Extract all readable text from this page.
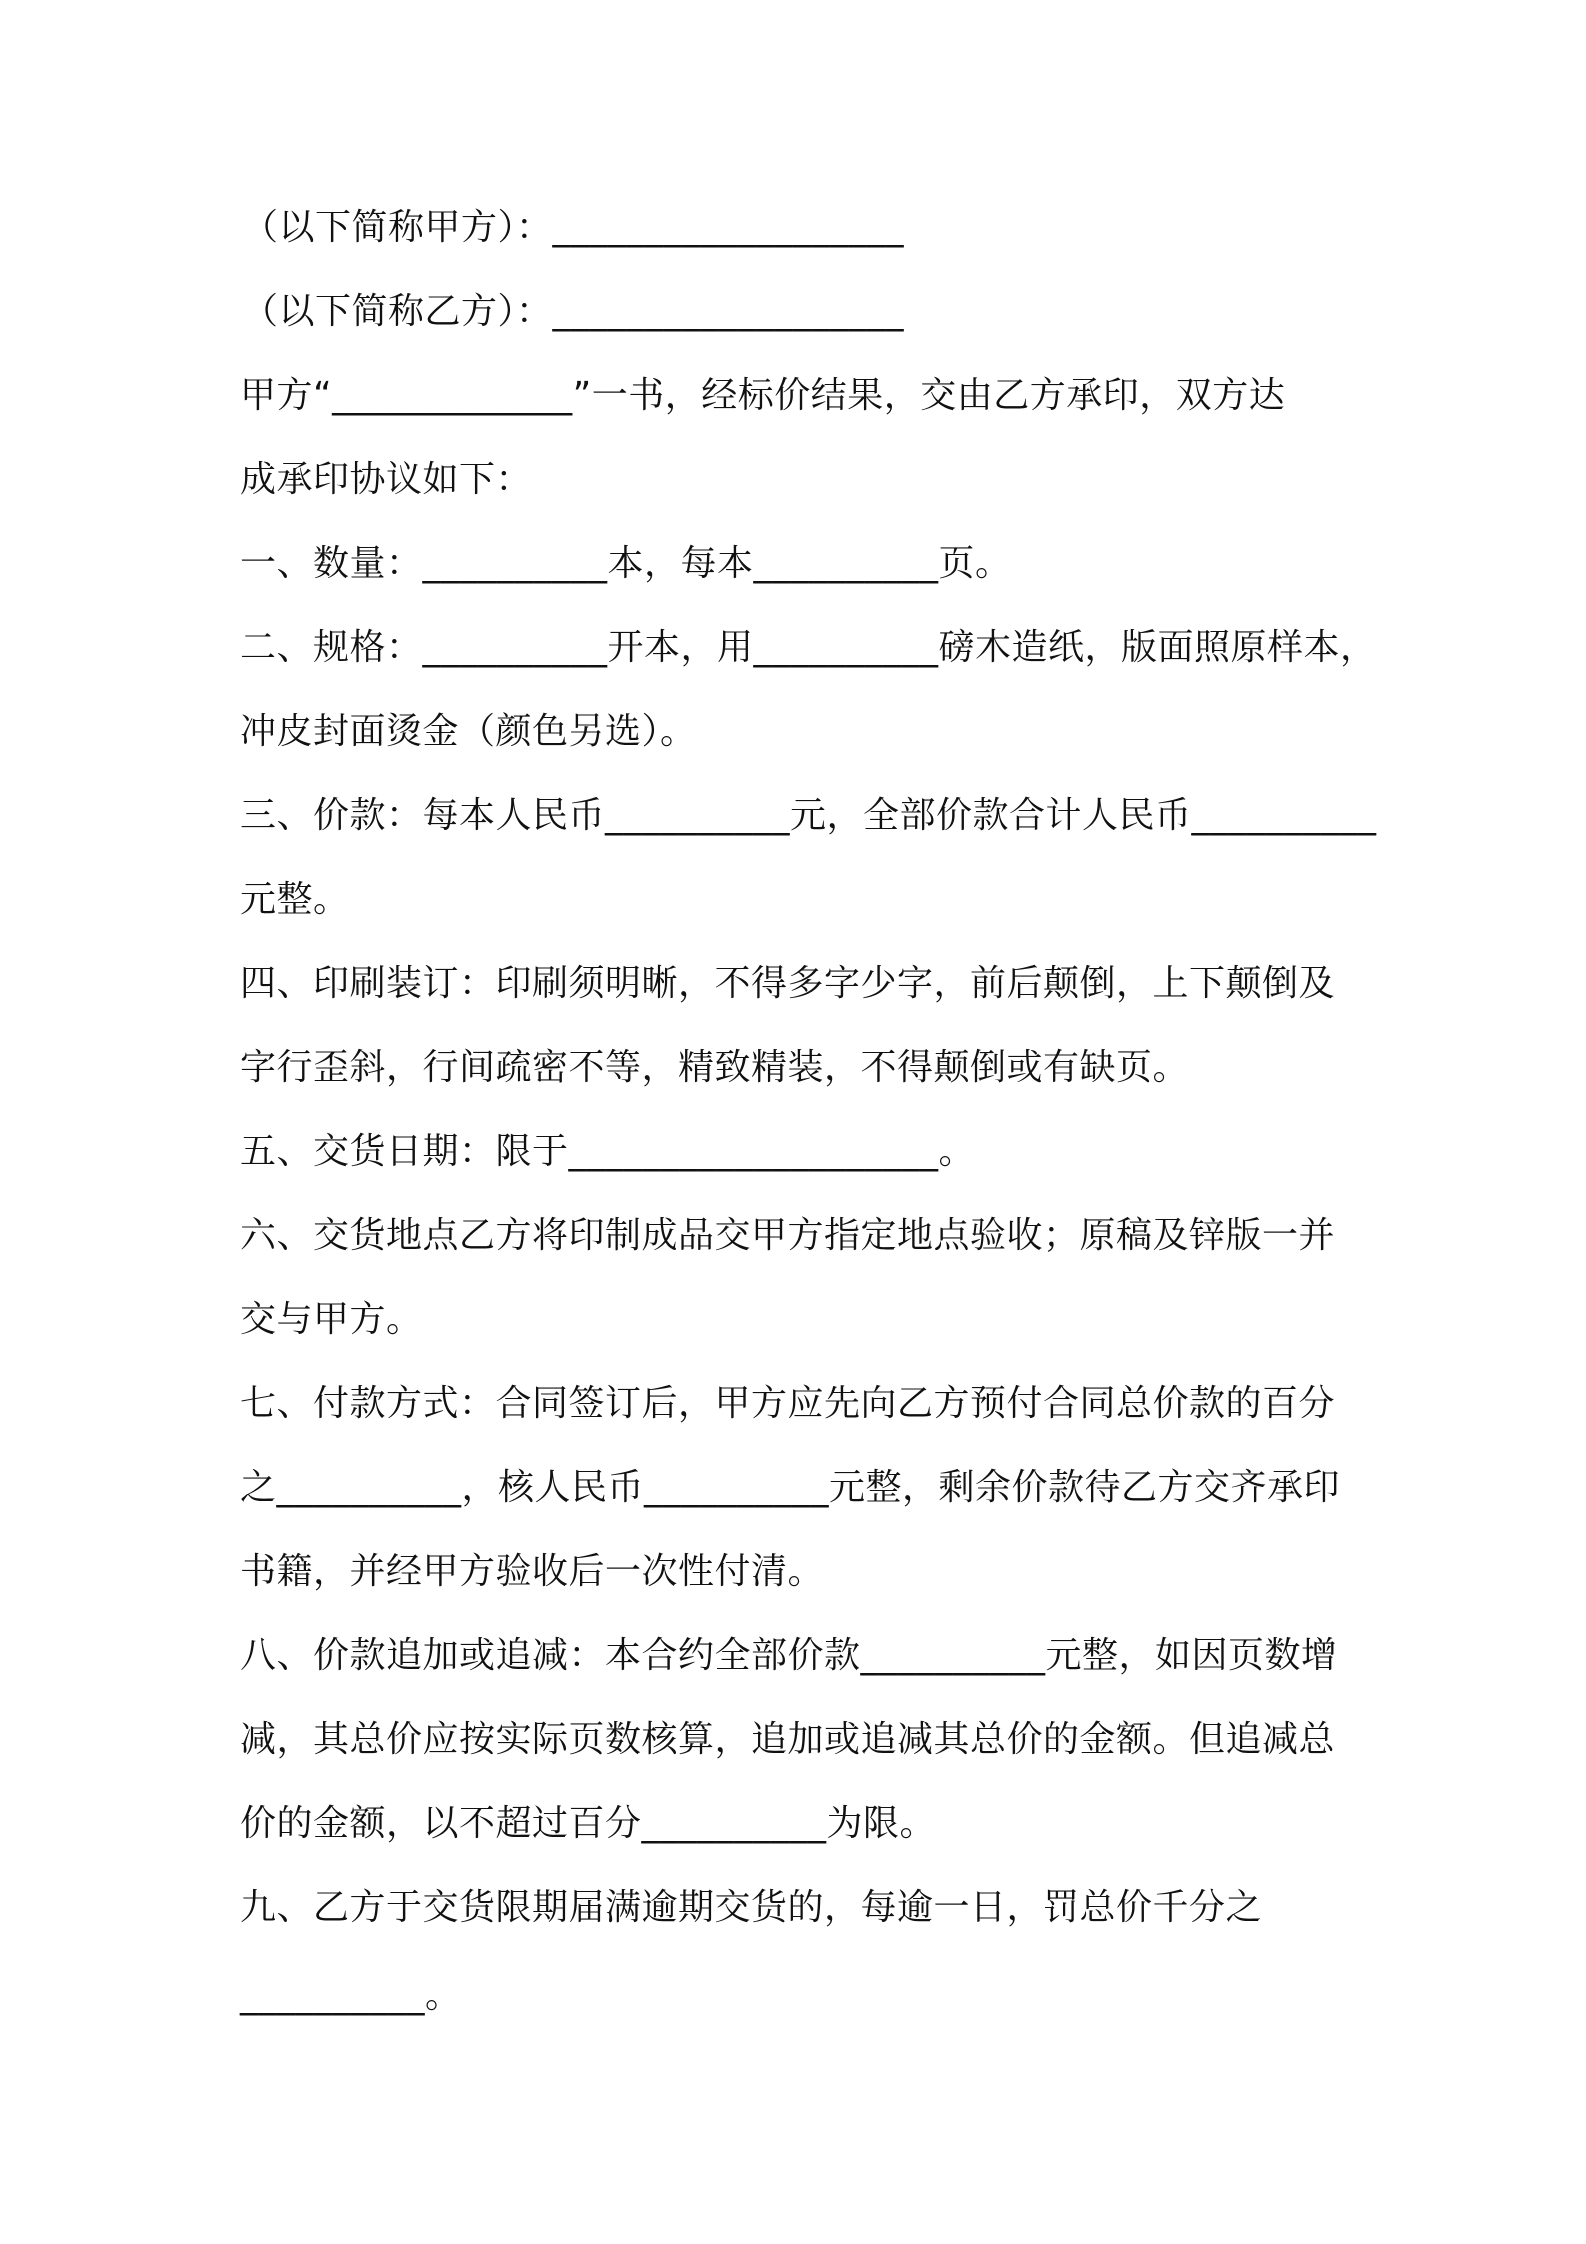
（以下简称甲方）：___________________
（以下简称乙方）：___________________
甲方“_____________”一书，经标价结果，交由乙方承印，双方达
成承印协议如下：
一、数量：__________本，每本__________页。
二、规格：__________开本，用__________磅木造纸，版面照原样本，
冲皮封面烫金（颜色另选）。
三、价款：每本人民币__________元，全部价款合计人民币__________
元整。
四、印刷装订：印刷须明晰，不得多字少字，前后颠倒，上下颠倒及
字行歪斜，行间疏密不等，精致精装，不得颠倒或有缺页。
五、交货日期：限于____________________。
六、交货地点乙方将印制成品交甲方指定地点验收；原稿及锌版一并
交与甲方。
七、付款方式：合同签订后，甲方应先向乙方预付合同总价款的百分
之__________，核人民币__________元整，剩余价款待乙方交齐承印
书籍，并经甲方验收后一次性付清。
八、价款追加或追减：本合约全部价款__________元整，如因页数增
减，其总价应按实际页数核算，追加或追减其总价的金额。但追减总
价的金额，以不超过百分__________为限。
九、乙方于交货限期届满逾期交货的，每逾一日，罚总价千分之
__________。
